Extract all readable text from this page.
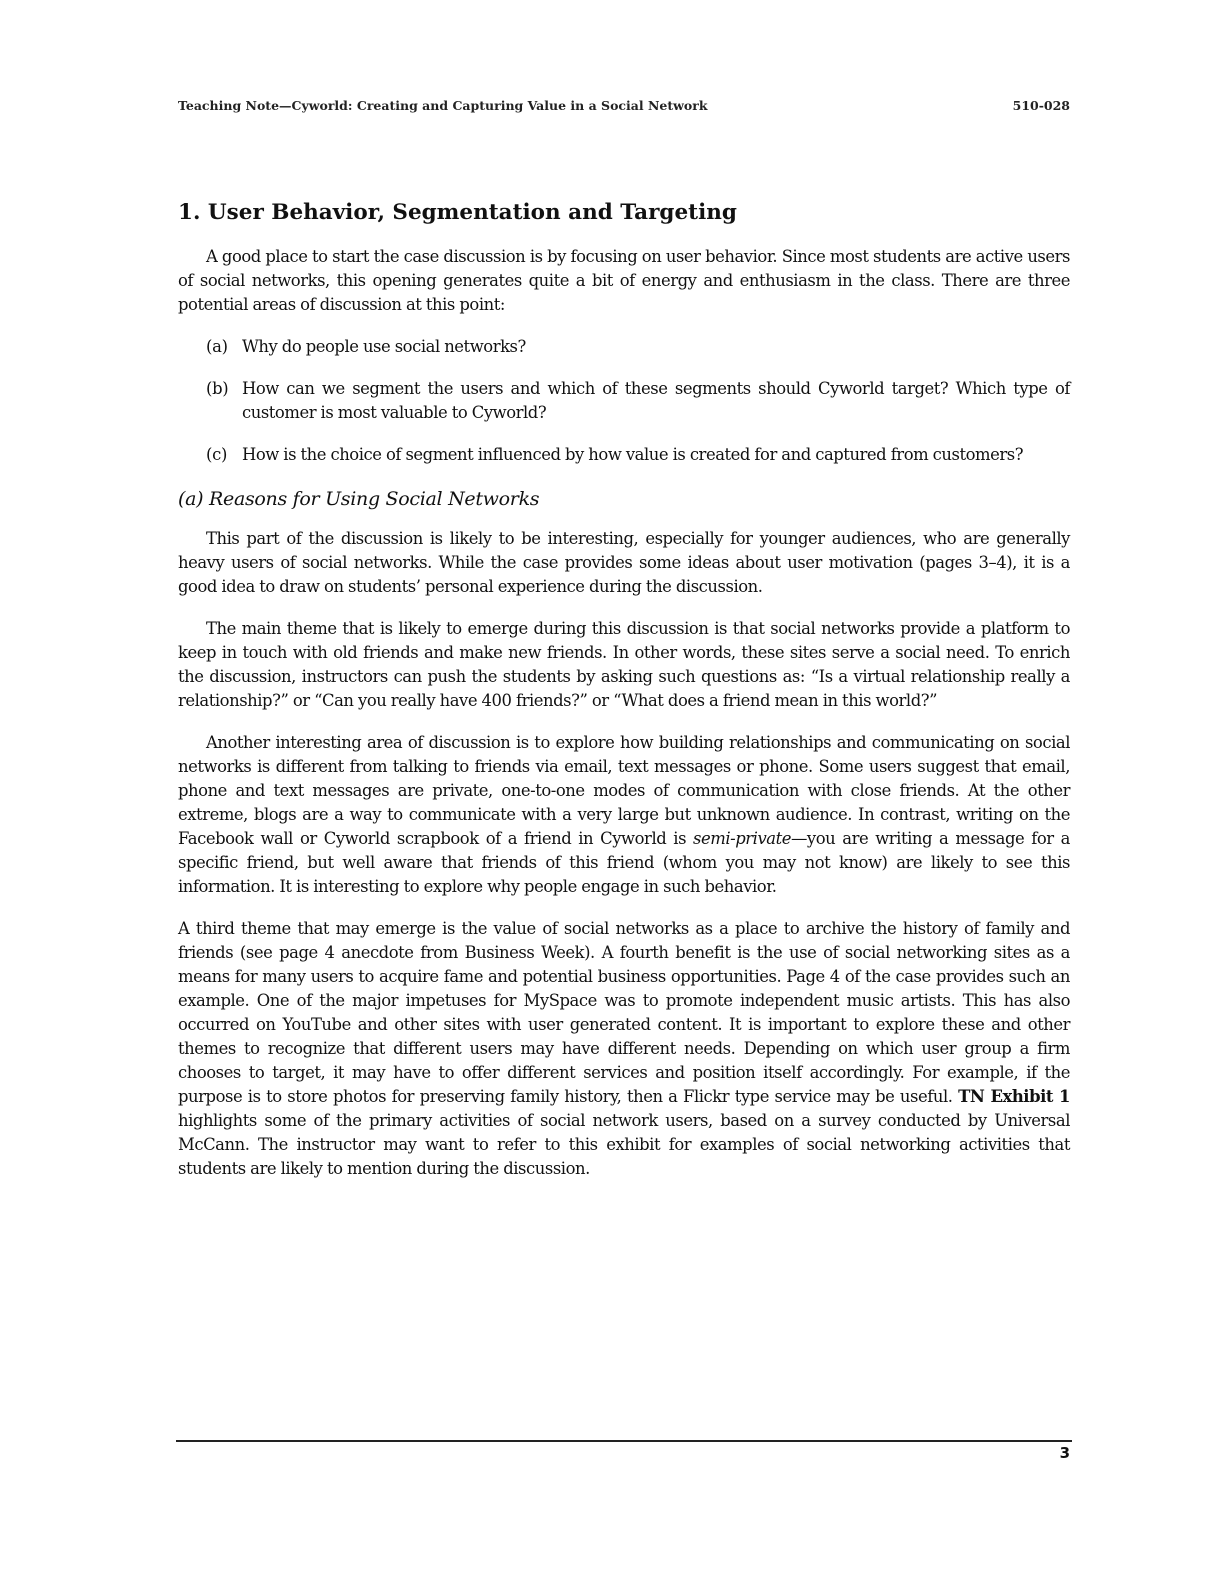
Teaching Note—Cyworld: Creating and Capturing Value in a Social Network	510-028
1. User Behavior, Segmentation and Targeting

A good place to start the case discussion is by focusing on user behavior. Since most students are active users of social networks, this opening generates quite a bit of energy and enthusiasm in the class. There are three potential areas of discussion at this point:

(a) Why do people use social networks?

(b) How can we segment the users and which of these segments should Cyworld target? Which type of customer is most valuable to Cyworld?

(c) How is the choice of segment influenced by how value is created for and captured from customers?

(a) Reasons for Using Social Networks

This part of the discussion is likely to be interesting, especially for younger audiences, who are generally heavy users of social networks. While the case provides some ideas about user motivation (pages 3–4), it is a good idea to draw on students’ personal experience during the discussion.

The main theme that is likely to emerge during this discussion is that social networks provide a platform to keep in touch with old friends and make new friends. In other words, these sites serve a social need. To enrich the discussion, instructors can push the students by asking such questions as: “Is a virtual relationship really a relationship?” or “Can you really have 400 friends?” or “What does a friend mean in this world?”

Another interesting area of discussion is to explore how building relationships and communicating on social networks is different from talking to friends via email, text messages or phone. Some users suggest that email, phone and text messages are private, one-to-one modes of communication with close friends. At the other extreme, blogs are a way to communicate with a very large but unknown audience. In contrast, writing on the Facebook wall or Cyworld scrapbook of a friend in Cyworld is semi-private—you are writing a message for a specific friend, but well aware that friends of this friend (whom you may not know) are likely to see this information. It is interesting to explore why people engage in such behavior.

A third theme that may emerge is the value of social networks as a place to archive the history of family and friends (see page 4 anecdote from Business Week). A fourth benefit is the use of social networking sites as a means for many users to acquire fame and potential business opportunities. Page 4 of the case provides such an example. One of the major impetuses for MySpace was to promote independent music artists. This has also occurred on YouTube and other sites with user generated content. It is important to explore these and other themes to recognize that different users may have different needs. Depending on which user group a firm chooses to target, it may have to offer different services and position itself accordingly. For example, if the purpose is to store photos for preserving family history, then a Flickr type service may be useful. TN Exhibit 1 highlights some of the primary activities of social network users, based on a survey conducted by Universal McCann. The instructor may want to refer to this exhibit for examples of social networking activities that students are likely to mention during the discussion.

3
